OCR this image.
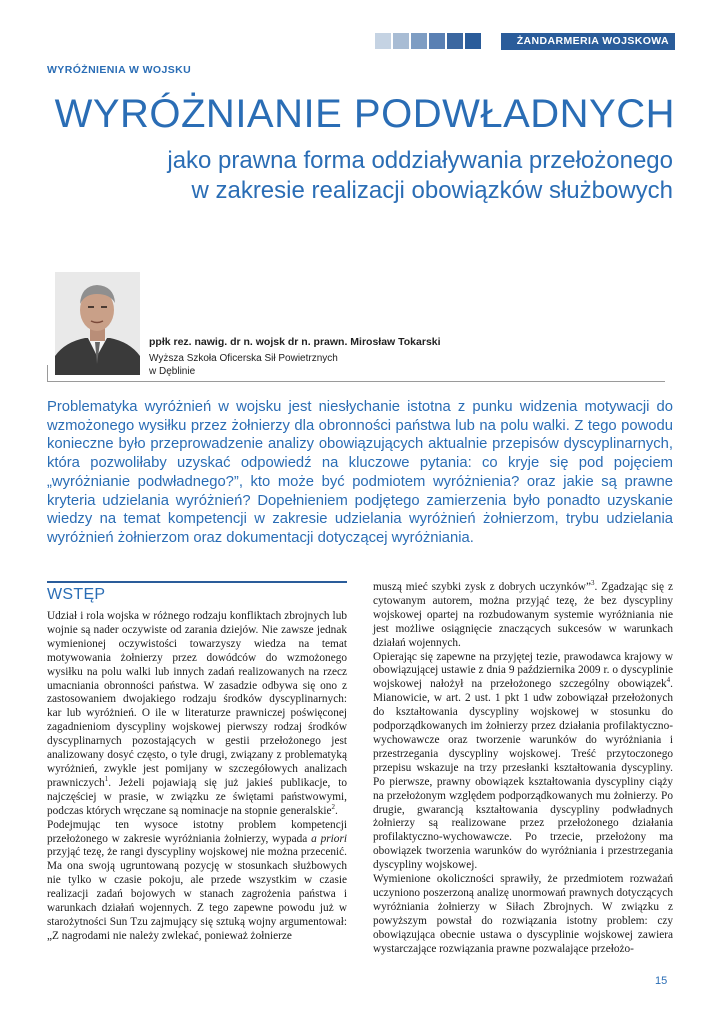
ŻANDARMERIA WOJSKOWA
WYRÓŻNIENIA W WOJSKU
WYRÓŻNIANIE PODWŁADNYCH
jako prawna forma oddziaływania przełożonego
w zakresie realizacji obowiązków służbowych
ppłk rez. nawig. dr n. wojsk dr n. prawn. Mirosław Tokarski
Wyższa Szkoła Oficerska Sił Powietrznych
w Dęblinie
Problematyka wyróżnień w wojsku jest niesłychanie istotna z punku widzenia motywacji do wzmożonego wysiłku przez żołnierzy dla obronności państwa lub na polu walki. Z tego powodu konieczne było przeprowadzenie analizy obowiązujących aktualnie przepisów dyscyplinarnych, która pozwoliłaby uzyskać odpowiedź na kluczowe pytania: co kryje się pod pojęciem „wyróżnianie podwładnego?”, kto może być podmiotem wyróżnienia? oraz jakie są prawne kryteria udzielania wyróżnień? Dopełnieniem podjętego zamierzenia było ponadto uzyskanie wiedzy na temat kompetencji w zakresie udzielania wyróżnień żołnierzom, trybu udzielania wyróżnień żołnierzom oraz dokumentacji dotyczącej wyróżniania.
WSTĘP

Udział i rola wojska w różnego rodzaju konfliktach zbrojnych lub wojnie są nader oczywiste od zarania dziejów. Nie zawsze jednak wymienionej oczywistości towarzyszy wiedza na temat motywowania żołnierzy przez dowódców do wzmożonego wysiłku na polu walki lub innych zadań realizowanych na rzecz umacniania obronności państwa. W zasadzie odbywa się ono z zastosowaniem dwojakiego rodzaju środków dyscyplinarnych: kar lub wyróżnień. O ile w literaturze prawniczej poświęconej zagadnieniom dyscypliny wojskowej pierwszy rodzaj środków dyscyplinarnych pozostających w gestii przełożonego jest analizowany dosyć często, o tyle drugi, związany z problematyką wyróżnień, zwykle jest pomijany w szczegółowych analizach prawniczych$^1$. Jeżeli pojawiają się już jakieś publikacje, to najczęściej w prasie, w związku ze świętami państwowymi, podczas których wręczane są nominacje na stopnie generalskie$^2$.

Podejmując ten wysoce istotny problem kompetencji przełożonego w zakresie wyróżniania żołnierzy, wypada a priori przyjąć tezę, że rangi dyscypliny wojskowej nie można przecenić. Ma ona swoją ugruntowaną pozycję w stosunkach służbowych nie tylko w czasie pokoju, ale przede wszystkim w czasie realizacji zadań bojowych w stanach zagrożenia państwa i warunkach działań wojennych. Z tego zapewne powodu już w starożytności Sun Tzu zajmujący się sztuką wojny argumentował: „Z nagrodami nie należy zwlekać, ponieważ żołnierze

muszą mieć szybki zysk z dobrych uczynków”$^3$. Zgadzając się z cytowanym autorem, można przyjąć tezę, że bez dyscypliny wojskowej opartej na rozbudowanym systemie wyróżniania nie jest możliwe osiągnięcie znaczących sukcesów w warunkach działań wojennych.

Opierając się zapewne na przyjętej tezie, prawodawca krajowy w obowiązującej ustawie z dnia 9 października 2009 r. o dyscyplinie wojskowej nałożył na przełożonego szczególny obowiązek$^4$. Mianowicie, w art. 2 ust. 1 pkt 1 udw zobowiązał przełożonych do kształtowania dyscypliny wojskowej w stosunku do podporządkowanych im żołnierzy przez działania profilaktyczno-wychowawcze oraz tworzenie warunków do wyróżniania i przestrzegania dyscypliny wojskowej. Treść przytoczonego przepisu wskazuje na trzy przesłanki kształtowania dyscypliny. Po pierwsze, prawny obowiązek kształtowania dyscypliny ciąży na przełożonym względem podporządkowanych mu żołnierzy. Po drugie, gwarancją kształtowania dyscypliny podwładnych żołnierzy są realizowane przez przełożonego działania profilaktyczno-wychowawcze. Po trzecie, przełożony ma obowiązek tworzenia warunków do wyróżniania i przestrzegania dyscypliny wojskowej.

Wymienione okoliczności sprawiły, że przedmiotem rozważań uczyniono poszerzoną analizę unormowań prawnych dotyczących wyróżniania żołnierzy w Siłach Zbrojnych. W związku z powyższym powstał do rozwiązania istotny problem: czy obowiązująca obecnie ustawa o dyscyplinie wojskowej zawiera wystarczające rozwiązania prawne pozwalające przełożo-

15
